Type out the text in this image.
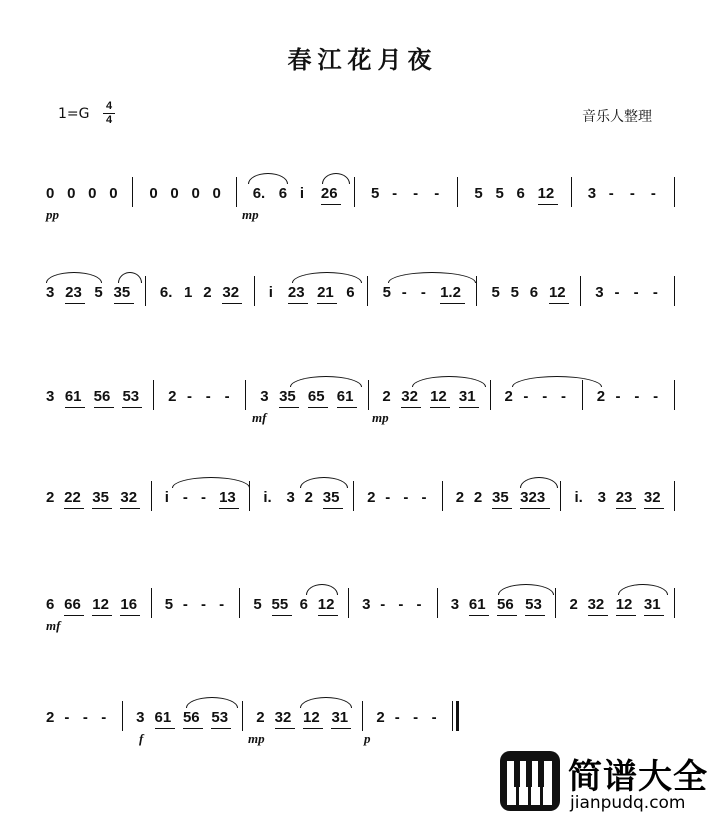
春江花月夜
1=G 4
4	音乐人整理
0 0 0 0 0 0 0 0 6. 6 i 26 5 - - - 5 5 6 12 3 - - -
pp	mp
3 23 5 35 6. 1 2 32 i 23 21 6 5 - - 1.2 5 5 6 12 3 - - -
3 61 56 53 2 - - - 3 35 65 61 2 32 12 31 2 - - - 2 - - -
mf	mp
2 22 35 32 i - - 13 i. 3 2 35 2 - - - 2 2 35 323 i. 3 23 32
6 66 12 16 5 - - - 5 55 6 12 3 - - - 3 61 56 53 2 32 12 31
mf
2 - - - 3 61 56 53 2 32 12 31 2 - - -
f	mp	p
简谱大全
jianpudq.com
